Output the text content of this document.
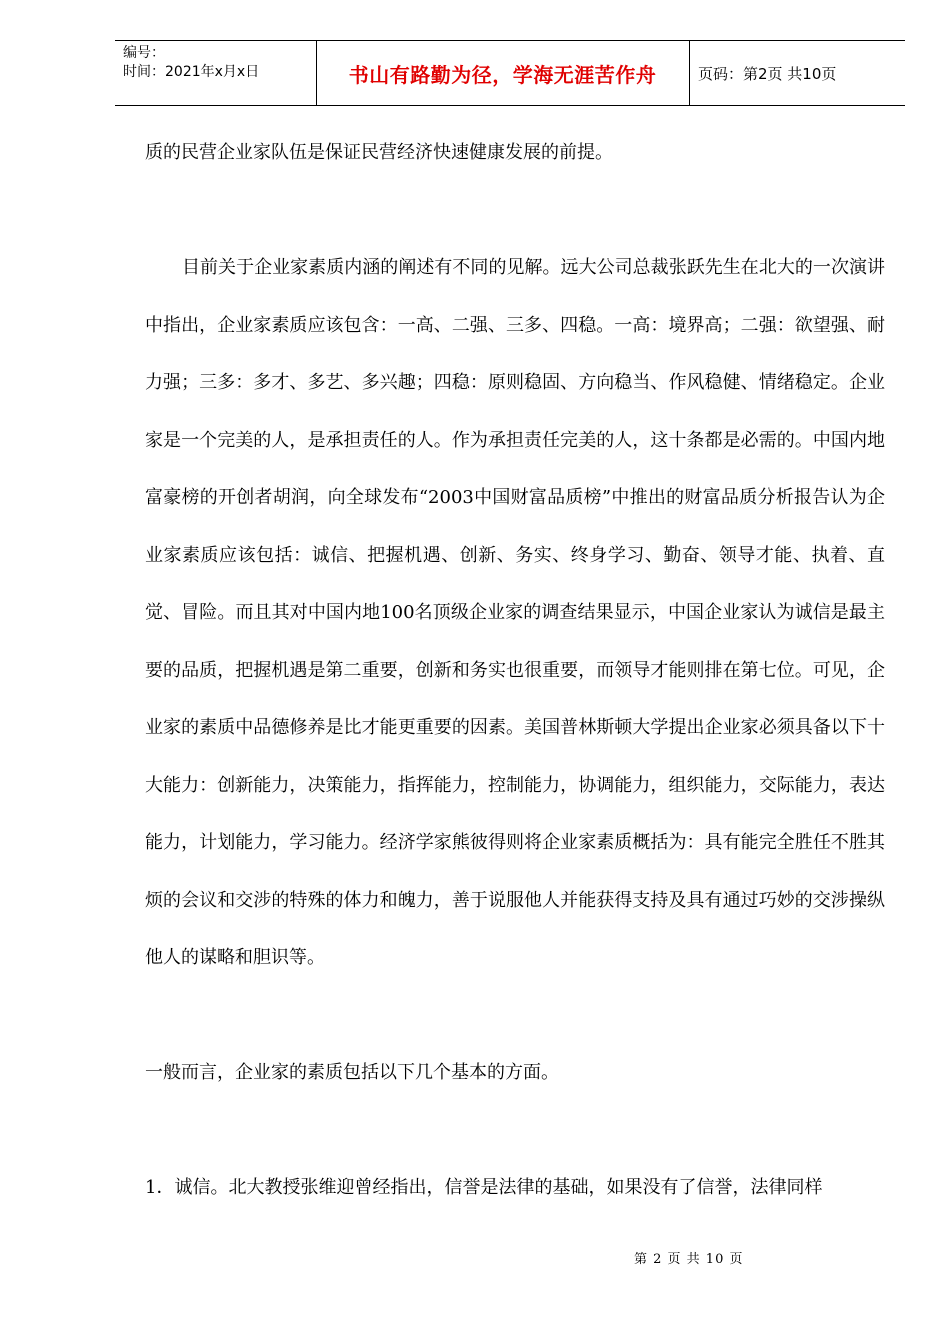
编号：
时间：2021年x月x日	书山有路勤为径，学海无涯苦作舟	页码：第2页 共10页

质的民营企业家队伍是保证民营经济快速健康发展的前提。

目前关于企业家素质内涵的阐述有不同的见解。远大公司总裁张跃先生在北大的一次演讲中指出，企业家素质应该包含：一高、二强、三多、四稳。一高：境界高；二强：欲望强、耐力强；三多：多才、多艺、多兴趣；四稳：原则稳固、方向稳当、作风稳健、情绪稳定。企业家是一个完美的人，是承担责任的人。作为承担责任完美的人，这十条都是必需的。中国内地富豪榜的开创者胡润，向全球发布“2003中国财富品质榜”中推出的财富品质分析报告认为企业家素质应该包括：诚信、把握机遇、创新、务实、终身学习、勤奋、领导才能、执着、直觉、冒险。而且其对中国内地100名顶级企业家的调查结果显示，中国企业家认为诚信是最主要的品质，把握机遇是第二重要，创新和务实也很重要，而领导才能则排在第七位。可见，企业家的素质中品德修养是比才能更重要的因素。美国普林斯顿大学提出企业家必须具备以下十大能力：创新能力，决策能力，指挥能力，控制能力，协调能力，组织能力，交际能力，表达能力，计划能力，学习能力。经济学家熊彼得则将企业家素质概括为：具有能完全胜任不胜其烦的会议和交涉的特殊的体力和魄力，善于说服他人并能获得支持及具有通过巧妙的交涉操纵他人的谋略和胆识等。

一般而言，企业家的素质包括以下几个基本的方面。

1．诚信。北大教授张维迎曾经指出，信誉是法律的基础，如果没有了信誉，法律同样

第 2 页 共 10 页
